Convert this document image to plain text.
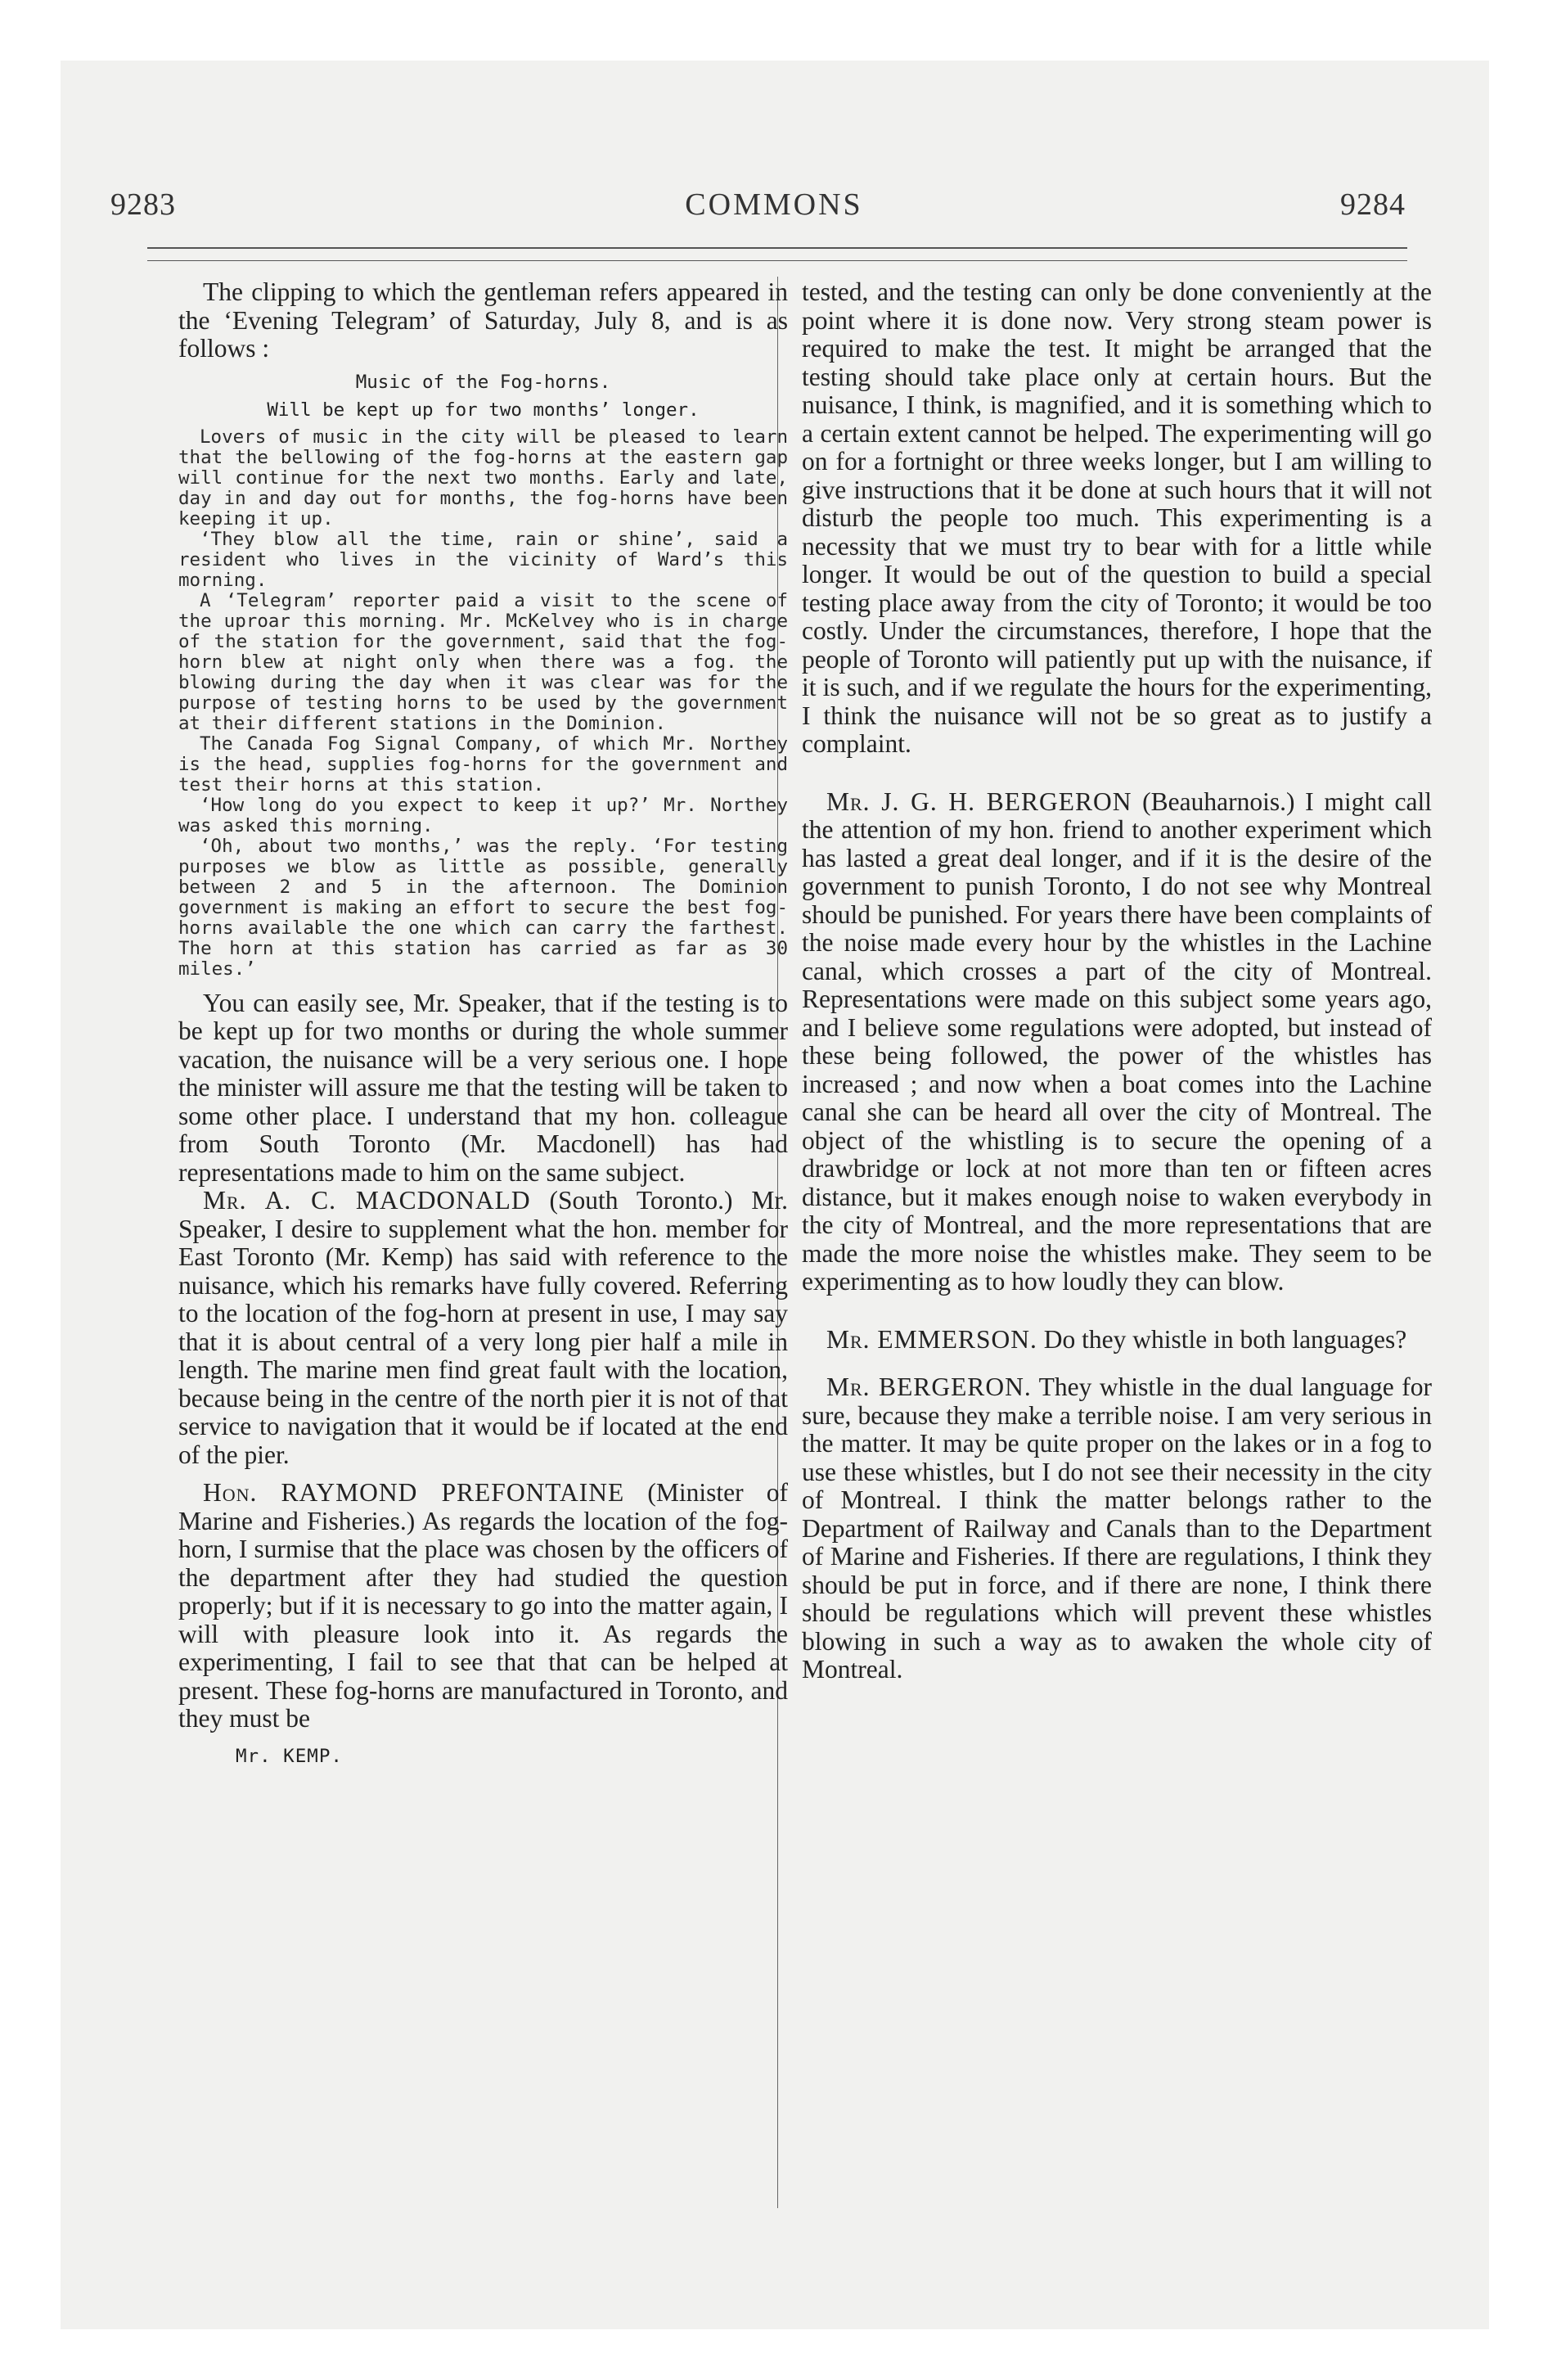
9283	COMMONS	9284

The clipping to which the gentleman refers appeared in the ‘Evening Telegram’ of Saturday, July 8, and is as follows :

Music of the Fog-horns.
Will be kept up for two months’ longer.

Lovers of music in the city will be pleased to learn that the bellowing of the fog-horns at the eastern gap will continue for the next two months. Early and late, day in and day out for months, the fog-horns have been keeping it up.

‘They blow all the time, rain or shine’, said a resident who lives in the vicinity of Ward’s this morning.

A ‘Telegram’ reporter paid a visit to the scene of the uproar this morning. Mr. McKelvey who is in charge of the station for the government, said that the fog-horn blew at night only when there was a fog. the blowing during the day when it was clear was for the purpose of testing horns to be used by the government at their different stations in the Dominion.

The Canada Fog Signal Company, of which Mr. Northey is the head, supplies fog-horns for the government and test their horns at this station.

‘How long do you expect to keep it up?’ Mr. Northey was asked this morning.

‘Oh, about two months,’ was the reply. ‘For testing purposes we blow as little as possible, generally between 2 and 5 in the afternoon. The Dominion government is making an effort to secure the best fog-horns available the one which can carry the farthest. The horn at this station has carried as far as 30 miles.’

You can easily see, Mr. Speaker, that if the testing is to be kept up for two months or during the whole summer vacation, the nuisance will be a very serious one. I hope the minister will assure me that the testing will be taken to some other place. I understand that my hon. colleague from South Toronto (Mr. Macdonell) has had representations made to him on the same subject.

Mr. A. C. MACDONALD (South Toronto.) Mr. Speaker, I desire to supplement what the hon. member for East Toronto (Mr. Kemp) has said with reference to the nuisance, which his remarks have fully covered. Referring to the location of the fog-horn at present in use, I may say that it is about central of a very long pier half a mile in length. The marine men find great fault with the location, because being in the centre of the north pier it is not of that service to navigation that it would be if located at the end of the pier.

Hon. RAYMOND PREFONTAINE (Minister of Marine and Fisheries.) As regards the location of the fog-horn, I surmise that the place was chosen by the officers of the department after they had studied the question properly; but if it is necessary to go into the matter again, I will with pleasure look into it. As regards the experimenting, I fail to see that that can be helped at present. These fog-horns are manufactured in Toronto, and they must be

Mr. KEMP.

tested, and the testing can only be done conveniently at the point where it is done now. Very strong steam power is required to make the test. It might be arranged that the testing should take place only at certain hours. But the nuisance, I think, is magnified, and it is something which to a certain extent cannot be helped. The experimenting will go on for a fortnight or three weeks longer, but I am willing to give instructions that it be done at such hours that it will not disturb the people too much. This experimenting is a necessity that we must try to bear with for a little while longer. It would be out of the question to build a special testing place away from the city of Toronto; it would be too costly. Under the circumstances, therefore, I hope that the people of Toronto will patiently put up with the nuisance, if it is such, and if we regulate the hours for the experimenting, I think the nuisance will not be so great as to justify a complaint.

Mr. J. G. H. BERGERON (Beauharnois.) I might call the attention of my hon. friend to another experiment which has lasted a great deal longer, and if it is the desire of the government to punish Toronto, I do not see why Montreal should be punished. For years there have been complaints of the noise made every hour by the whistles in the Lachine canal, which crosses a part of the city of Montreal. Representations were made on this subject some years ago, and I believe some regulations were adopted, but instead of these being followed, the power of the whistles has increased ; and now when a boat comes into the Lachine canal she can be heard all over the city of Montreal. The object of the whistling is to secure the opening of a drawbridge or lock at not more than ten or fifteen acres distance, but it makes enough noise to waken everybody in the city of Montreal, and the more representations that are made the more noise the whistles make. They seem to be experimenting as to how loudly they can blow.

Mr. EMMERSON. Do they whistle in both languages?

Mr. BERGERON. They whistle in the dual language for sure, because they make a terrible noise. I am very serious in the matter. It may be quite proper on the lakes or in a fog to use these whistles, but I do not see their necessity in the city of Montreal. I think the matter belongs rather to the Department of Railway and Canals than to the Department of Marine and Fisheries. If there are regulations, I think they should be put in force, and if there are none, I think there should be regulations which will prevent these whistles blowing in such a way as to awaken the whole city of Montreal.
